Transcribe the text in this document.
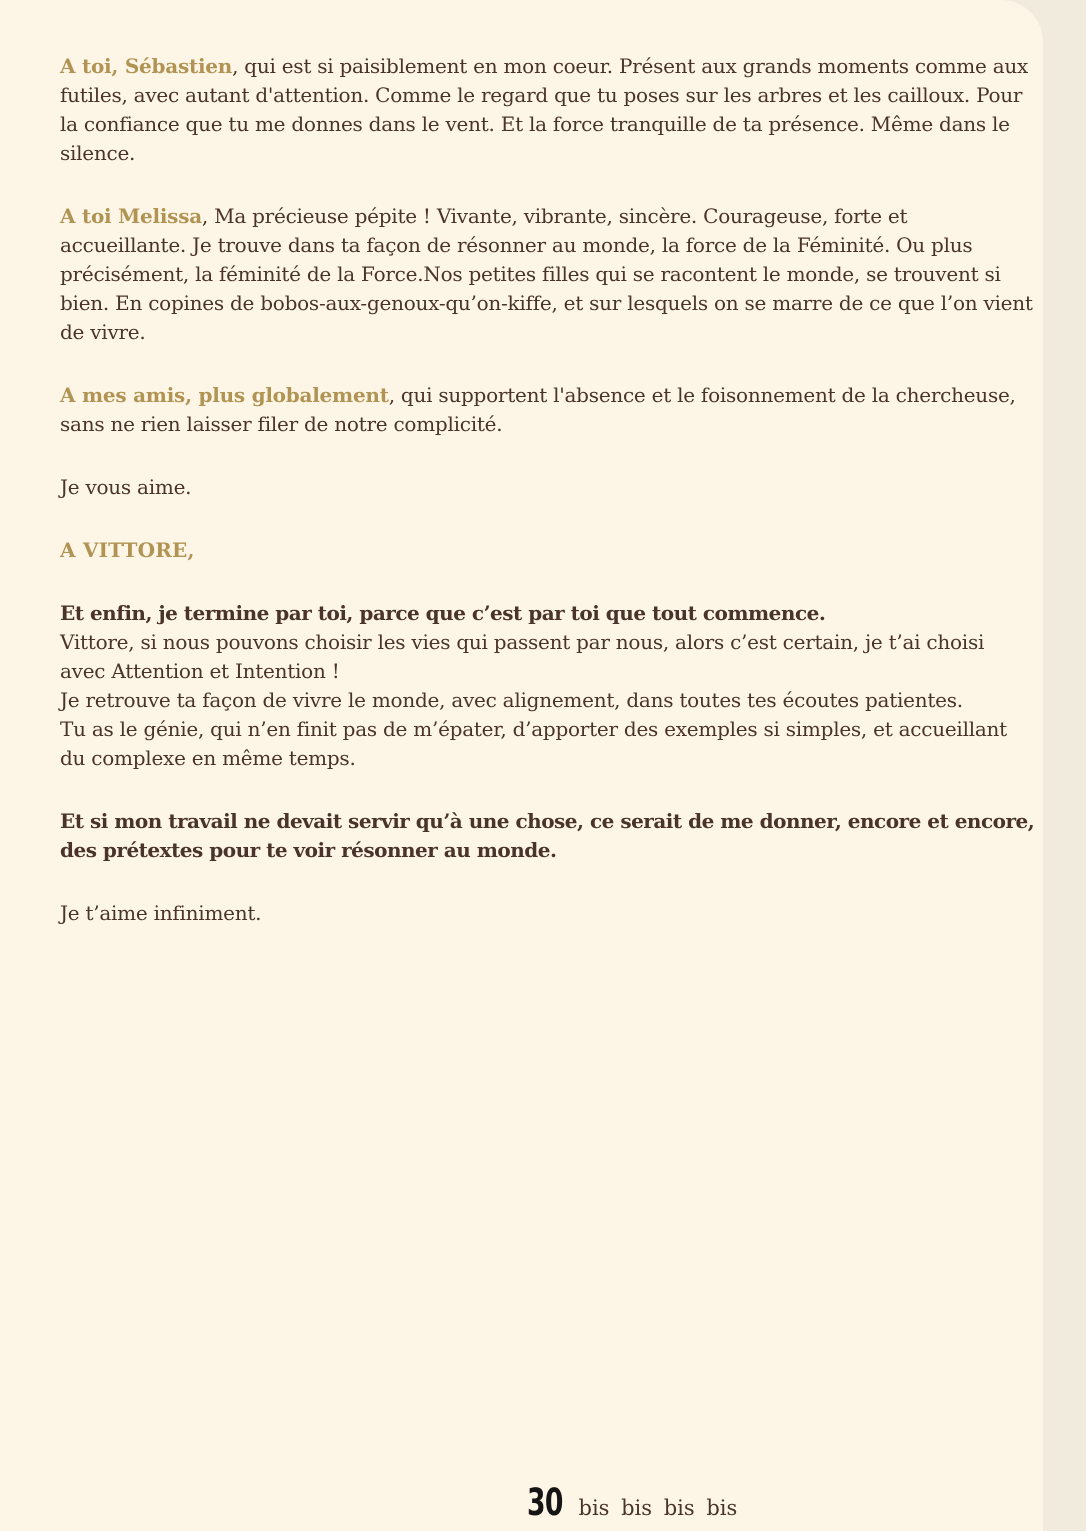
A toi, Sébastien, qui est si paisiblement en mon coeur. Présent aux grands moments comme aux futiles, avec autant d'attention. Comme le regard que tu poses sur les arbres et les cailloux. Pour la confiance que tu me donnes dans le vent. Et la force tranquille de ta présence. Même dans le silence.

A toi Melissa, Ma précieuse pépite ! Vivante, vibrante, sincère. Courageuse, forte et accueillante. Je trouve dans ta façon de résonner au monde, la force de la Féminité. Ou plus précisément, la féminité de la Force.Nos petites filles qui se racontent le monde, se trouvent si bien. En copines de bobos-aux-genoux-qu’on-kiffe, et sur lesquels on se marre de ce que l’on vient de vivre.

A mes amis, plus globalement, qui supportent l'absence et le foisonnement de la chercheuse, sans ne rien laisser filer de notre complicité.

Je vous aime.

A VITTORE,

Et enfin, je termine par toi, parce que c’est par toi que tout commence.
Vittore, si nous pouvons choisir les vies qui passent par nous, alors c’est certain, je t’ai choisi avec Attention et Intention !
Je retrouve ta façon de vivre le monde, avec alignement, dans toutes tes écoutes patientes.
Tu as le génie, qui n’en finit pas de m’épater, d’apporter des exemples si simples, et accueillant du complexe en même temps.

Et si mon travail ne devait servir qu’à une chose, ce serait de me donner, encore et encore, des prétextes pour te voir résonner au monde.

Je t’aime infiniment.

30 bis bis bis bis
